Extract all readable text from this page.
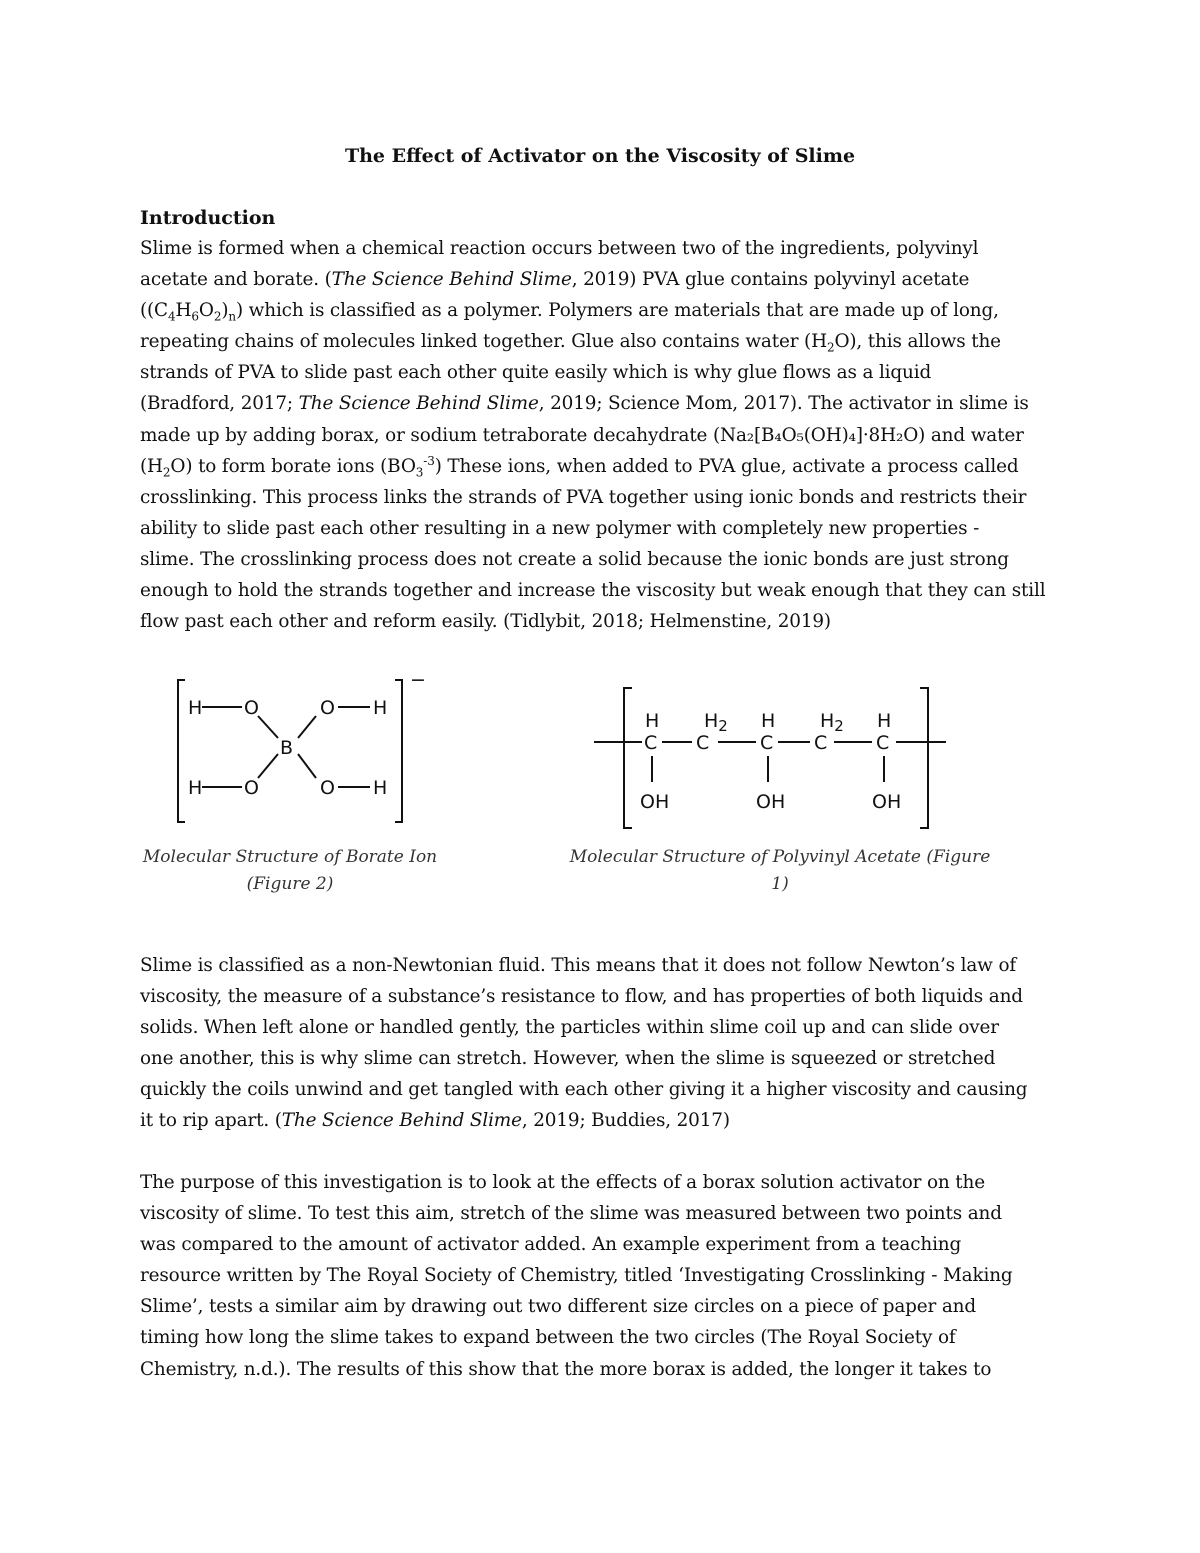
The Effect of Activator on the Viscosity of Slime
Introduction
Slime is formed when a chemical reaction occurs between two of the ingredients, polyvinyl
acetate and borate. (The Science Behind Slime, 2019) PVA glue contains polyvinyl acetate
$((C_4H_6O_2)_n)$ which is classified as a polymer. Polymers are materials that are made up of long,
repeating chains of molecules linked together. Glue also contains water $(H_2O)$, this allows the
strands of PVA to slide past each other quite easily which is why glue flows as a liquid
(Bradford, 2017; The Science Behind Slime, 2019; Science Mom, 2017). The activator in slime is
made up by adding borax, or sodium tetraborate decahydrate (Na₂[B₄O₅(OH)₄]·8H₂O) and water
$(H_2O)$ to form borate ions $(BO_3^{-3})$ These ions, when added to PVA glue, activate a process called
crosslinking. This process links the strands of PVA together using ionic bonds and restricts their
ability to slide past each other resulting in a new polymer with completely new properties -
slime. The crosslinking process does not create a solid because the ionic bonds are just strong
enough to hold the strands together and increase the viscosity but weak enough that they can still
flow past each other and reform easily. (Tidlybit, 2018; Helmenstine, 2019)
H O
B
O H
H O	O H
−
H
C
$H_2$
C
H
C
$H_2$
C
H
C
OH	OH	OH
Molecular Structure of Borate Ion
(Figure 2)
Molecular Structure of Polyvinyl Acetate (Figure 1)
Slime is classified as a non-Newtonian fluid. This means that it does not follow Newton’s law of
viscosity, the measure of a substance’s resistance to flow, and has properties of both liquids and
solids. When left alone or handled gently, the particles within slime coil up and can slide over
one another, this is why slime can stretch. However, when the slime is squeezed or stretched
quickly the coils unwind and get tangled with each other giving it a higher viscosity and causing
it to rip apart. (The Science Behind Slime, 2019; Buddies, 2017)
The purpose of this investigation is to look at the effects of a borax solution activator on the
viscosity of slime. To test this aim, stretch of the slime was measured between two points and
was compared to the amount of activator added. An example experiment from a teaching
resource written by The Royal Society of Chemistry, titled ‘Investigating Crosslinking - Making
Slime’, tests a similar aim by drawing out two different size circles on a piece of paper and
timing how long the slime takes to expand between the two circles (The Royal Society of
Chemistry, n.d.). The results of this show that the more borax is added, the longer it takes to
